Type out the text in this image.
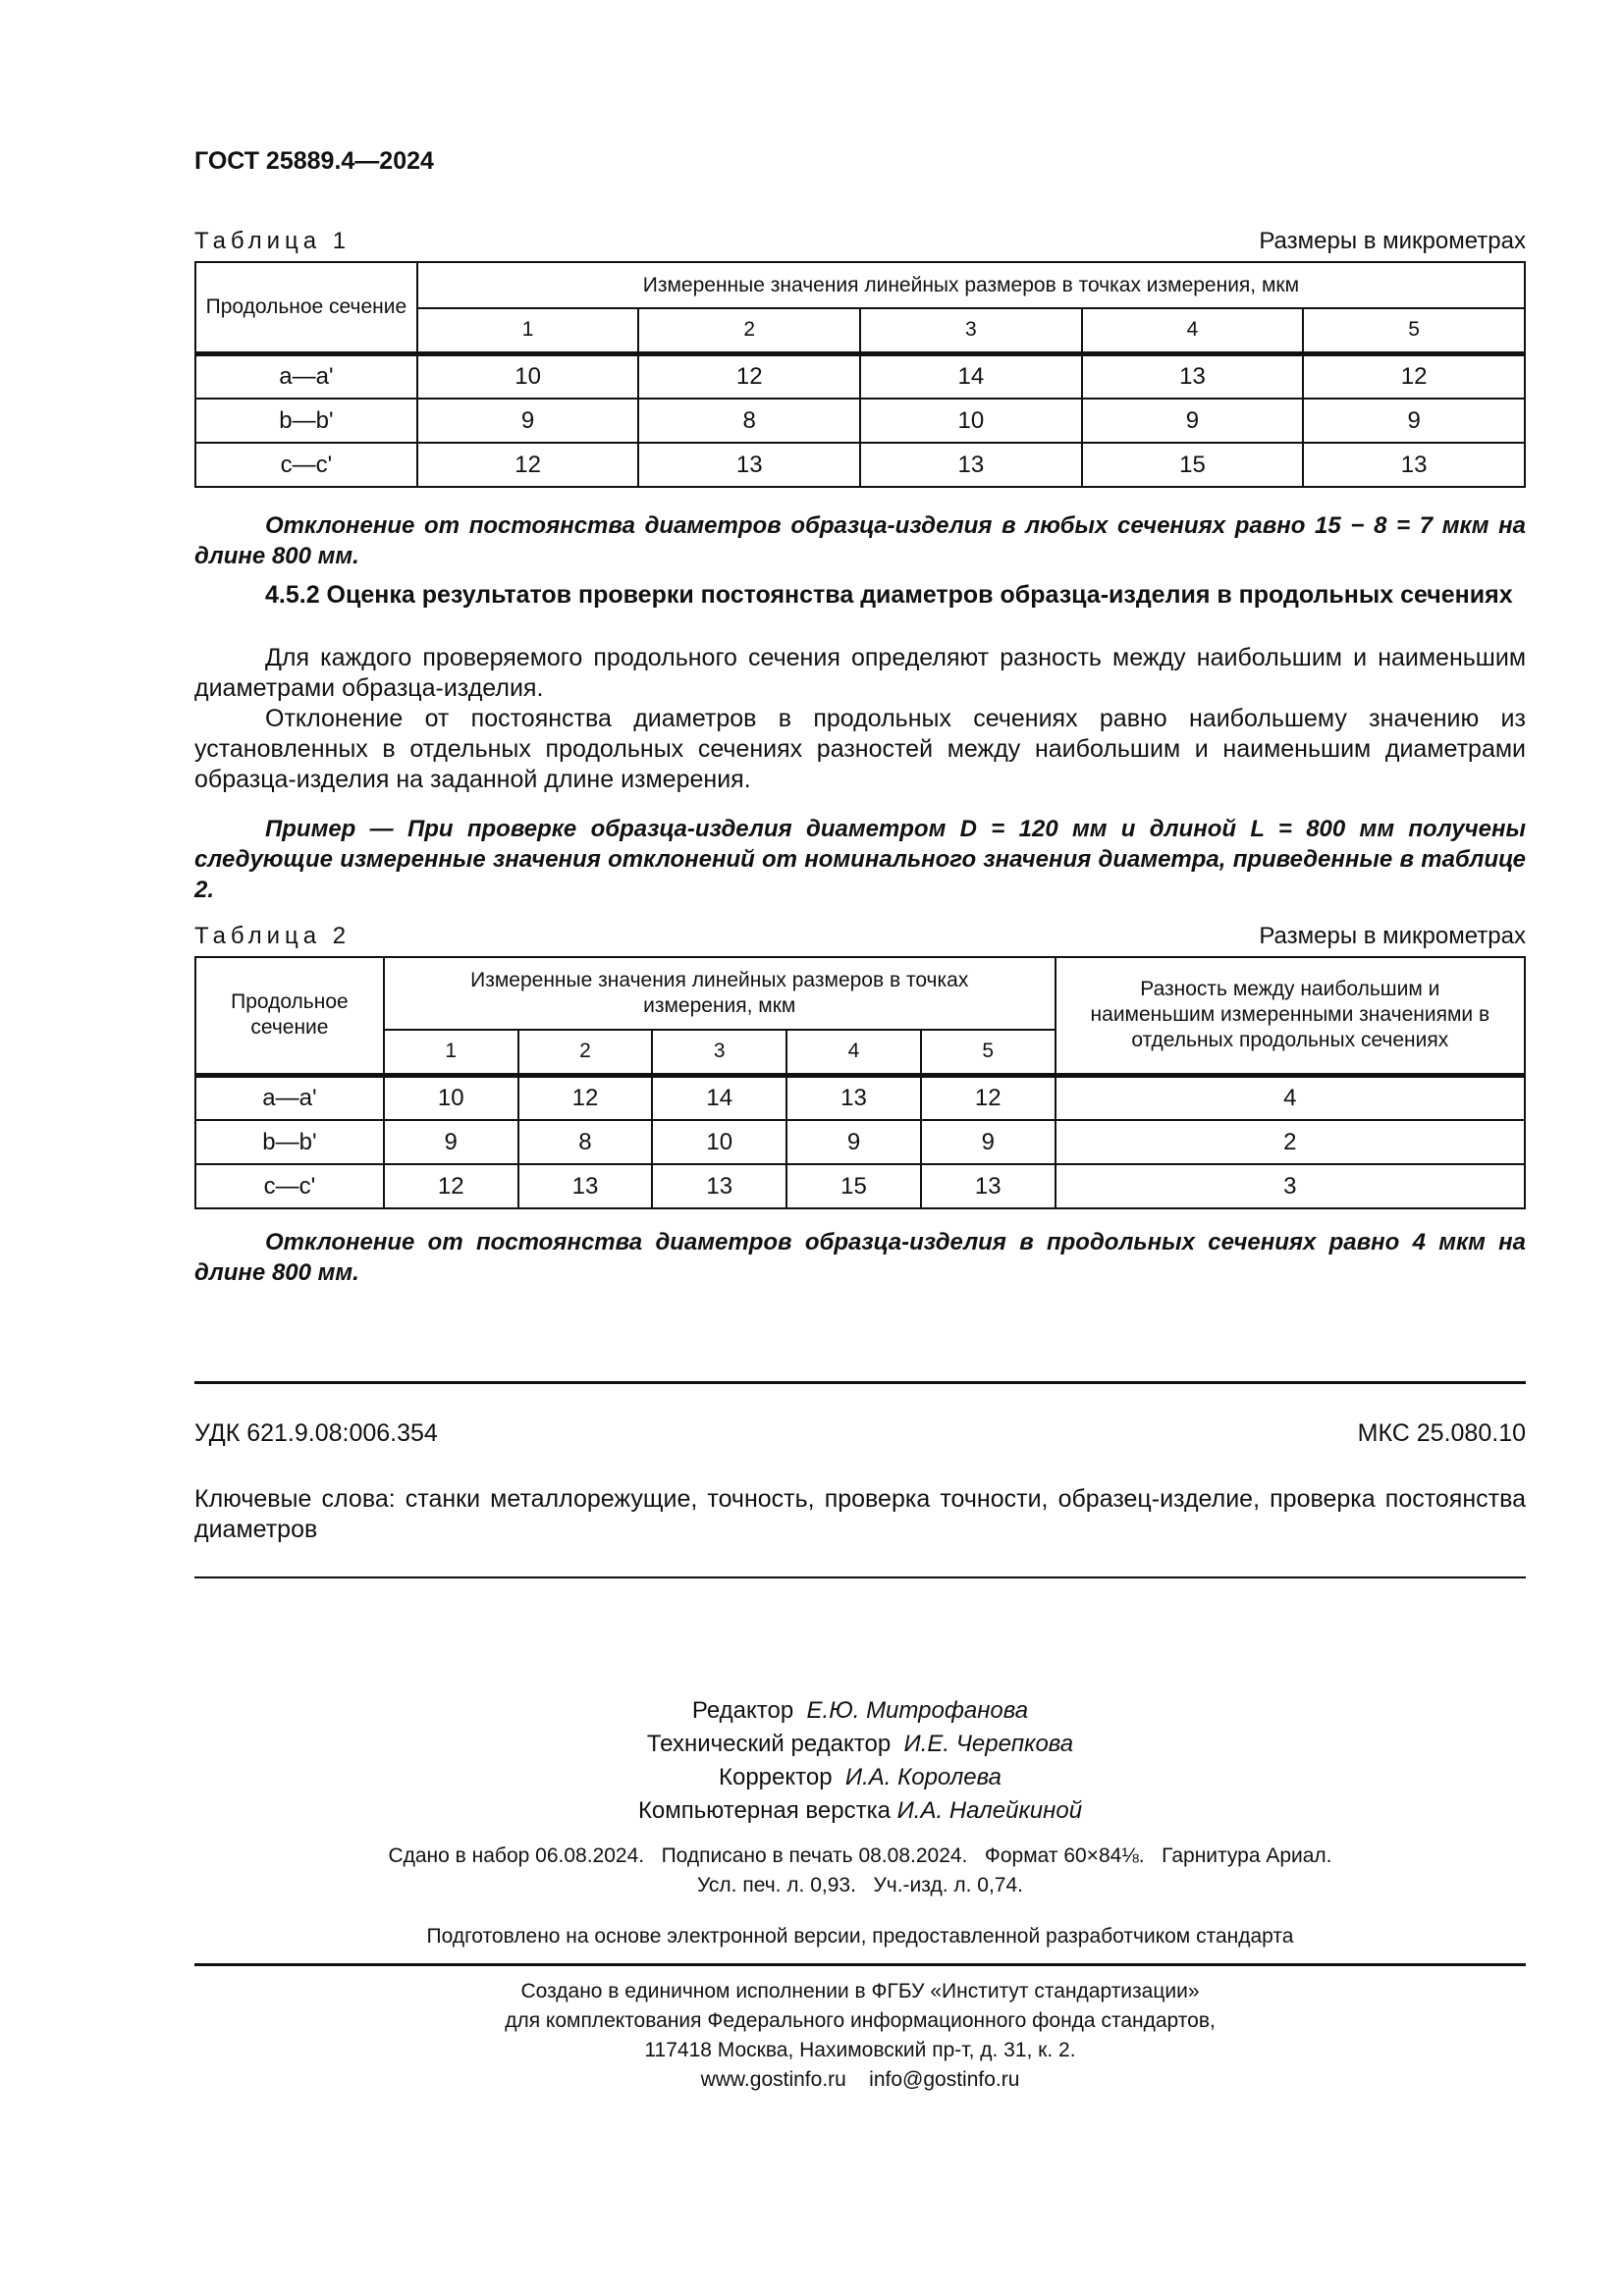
ГОСТ 25889.4—2024
Таблица 1	Размеры в микрометрах
Продольное сечение	Измеренные значения линейных размеров в точках измерения, мкм				
	1	2	3	4	5
a—a'	10	12	14	13	12
b—b'	9	8	10	9	9
c—c'	12	13	13	15	13
Отклонение от постоянства диаметров образца-изделия в любых сечениях равно 15 − 8 = 7 мкм на длине 800 мм.
4.5.2 Оценка результатов проверки постоянства диаметров образца-изделия в продольных сечениях
Для каждого проверяемого продольного сечения определяют разность между наибольшим и наименьшим диаметрами образца-изделия.
Отклонение от постоянства диаметров в продольных сечениях равно наибольшему значению из установленных в отдельных продольных сечениях разностей между наибольшим и наименьшим диаметрами образца-изделия на заданной длине измерения.
Пример — При проверке образца-изделия диаметром D = 120 мм и длиной L = 800 мм получены следующие измеренные значения отклонений от номинального значения диаметра, приведенные в таблице 2.
Таблица 2	Размеры в микрометрах
Продольное сечение	Измеренные значения линейных размеров в точках измерения, мкм					Разность между наибольшим и наименьшим измеренными значениями в отдельных продольных сечениях
	1	2	3	4	5	
a—a'	10	12	14	13	12	4
b—b'	9	8	10	9	9	2
c—c'	12	13	13	15	13	3
Отклонение от постоянства диаметров образца-изделия в продольных сечениях равно 4 мкм на длине 800 мм.
УДК 621.9.08:006.354	МКС 25.080.10
Ключевые слова: станки металлорежущие, точность, проверка точности, образец-изделие, проверка постоянства диаметров
Редактор Е.Ю. Митрофанова
Технический редактор И.Е. Черепкова
Корректор И.А. Королева
Компьютерная верстка И.А. Налейкиной
Сдано в набор 06.08.2024.   Подписано в печать 08.08.2024.   Формат 60×84⅛.   Гарнитура Ариал.
Усл. печ. л. 0,93.   Уч.-изд. л. 0,74.
Подготовлено на основе электронной версии, предоставленной разработчиком стандарта
Создано в единичном исполнении в ФГБУ «Институт стандартизации»
для комплектования Федерального информационного фонда стандартов,
117418 Москва, Нахимовский пр-т, д. 31, к. 2.
www.gostinfo.ru    info@gostinfo.ru
